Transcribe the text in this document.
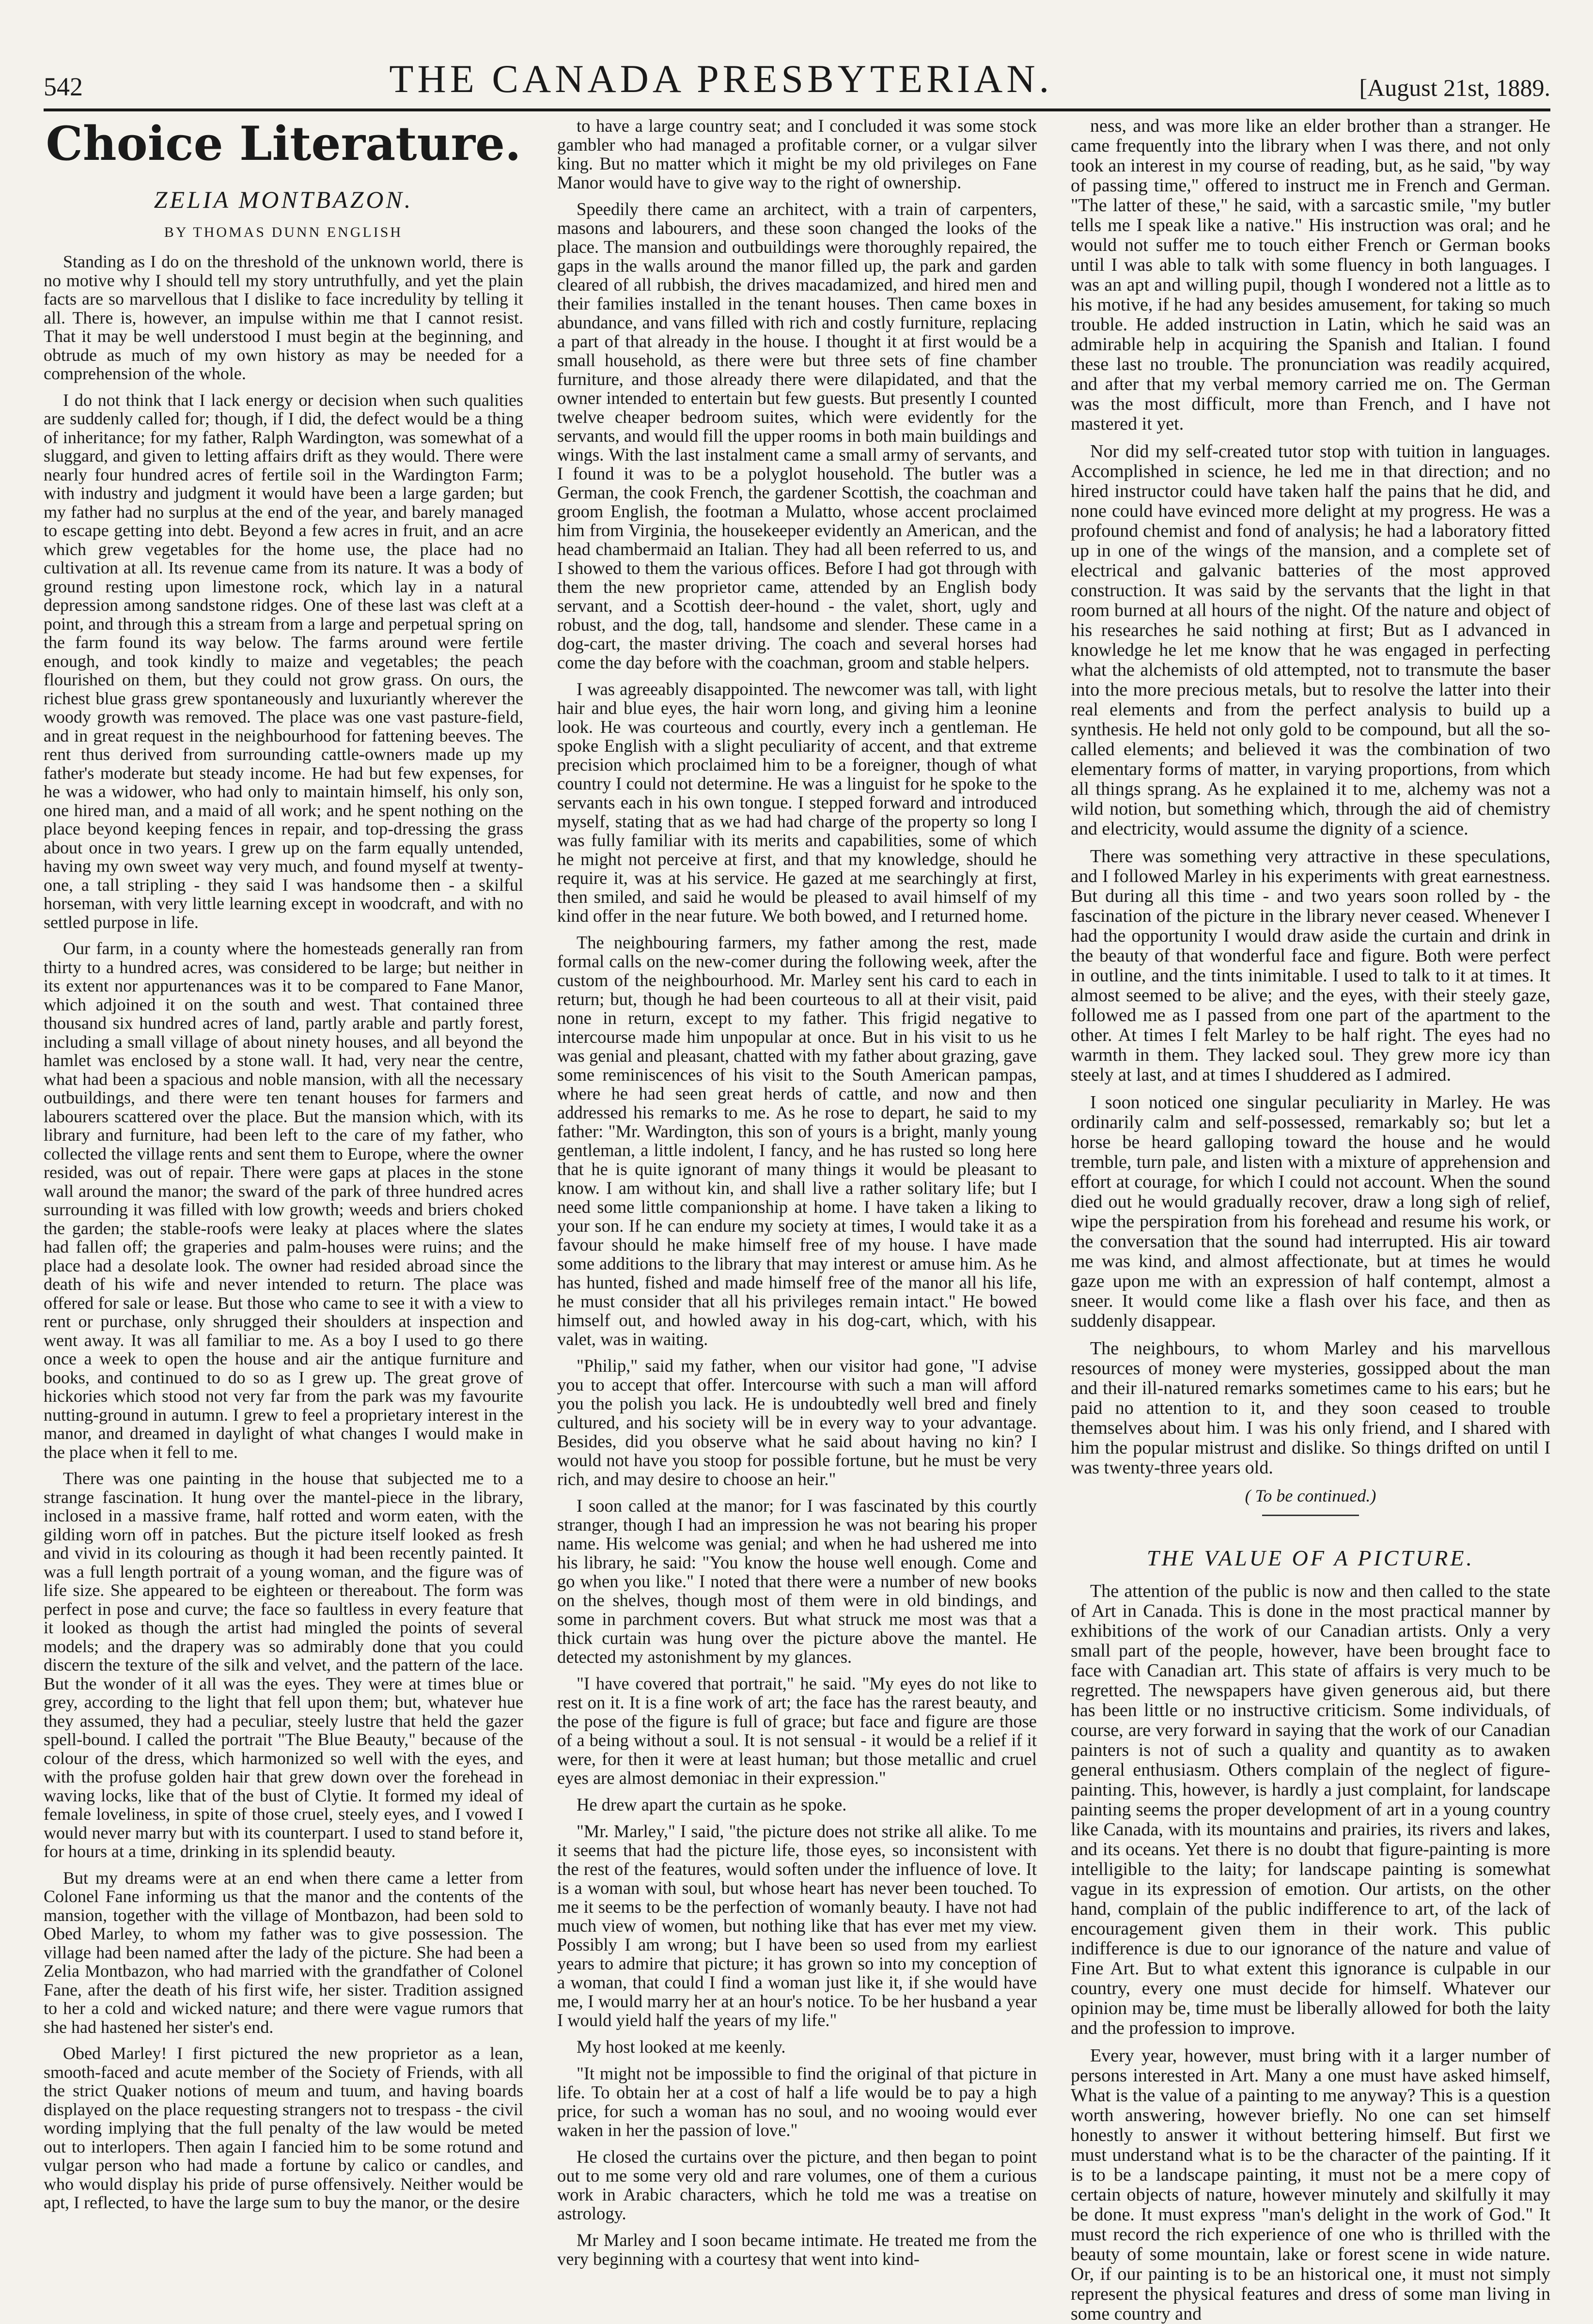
542	THE CANADA PRESBYTERIAN.	[August 21st, 1889.
Choice Literature.
ZELIA MONTBAZON.
BY THOMAS DUNN ENGLISH

Standing as I do on the threshold of the unknown world, there is no motive why I should tell my story untruthfully, and yet the plain facts are so marvellous that I dislike to face incredulity by telling it all. There is, however, an impulse within me that I cannot resist. That it may be well understood I must begin at the beginning, and obtrude as much of my own history as may be needed for a comprehension of the whole.

I do not think that I lack energy or decision when such qualities are suddenly called for; though, if I did, the defect would be a thing of inheritance; for my father, Ralph Wardington, was somewhat of a sluggard, and given to letting affairs drift as they would. There were nearly four hundred acres of fertile soil in the Wardington Farm; with industry and judgment it would have been a large garden; but my father had no surplus at the end of the year, and barely managed to escape getting into debt. Beyond a few acres in fruit, and an acre which grew vegetables for the home use, the place had no cultivation at all. Its revenue came from its nature. It was a body of ground resting upon limestone rock, which lay in a natural depression among sandstone ridges. One of these last was cleft at a point, and through this a stream from a large and perpetual spring on the farm found its way below. The farms around were fertile enough, and took kindly to maize and vegetables; the peach flourished on them, but they could not grow grass. On ours, the richest blue grass grew spontaneously and luxuriantly wherever the woody growth was removed. The place was one vast pasture-field, and in great request in the neighbourhood for fattening beeves. The rent thus derived from surrounding cattle-owners made up my father's moderate but steady income. He had but few expenses, for he was a widower, who had only to maintain himself, his only son, one hired man, and a maid of all work; and he spent nothing on the place beyond keeping fences in repair, and top-dressing the grass about once in two years. I grew up on the farm equally untended, having my own sweet way very much, and found myself at twenty-one, a tall stripling - they said I was handsome then - a skilful horseman, with very little learning except in woodcraft, and with no settled purpose in life.

Our farm, in a county where the homesteads generally ran from thirty to a hundred acres, was considered to be large; but neither in its extent nor appurtenances was it to be compared to Fane Manor, which adjoined it on the south and west. That contained three thousand six hundred acres of land, partly arable and partly forest, including a small village of about ninety houses, and all beyond the hamlet was enclosed by a stone wall. It had, very near the centre, what had been a spacious and noble mansion, with all the necessary outbuildings, and there were ten tenant houses for farmers and labourers scattered over the place. But the mansion which, with its library and furniture, had been left to the care of my father, who collected the village rents and sent them to Europe, where the owner resided, was out of repair. There were gaps at places in the stone wall around the manor; the sward of the park of three hundred acres surrounding it was filled with low growth; weeds and briers choked the garden; the stable-roofs were leaky at places where the slates had fallen off; the graperies and palm-houses were ruins; and the place had a desolate look. The owner had resided abroad since the death of his wife and never intended to return. The place was offered for sale or lease. But those who came to see it with a view to rent or purchase, only shrugged their shoulders at inspection and went away. It was all familiar to me. As a boy I used to go there once a week to open the house and air the antique furniture and books, and continued to do so as I grew up. The great grove of hickories which stood not very far from the park was my favourite nutting-ground in autumn. I grew to feel a proprietary interest in the manor, and dreamed in daylight of what changes I would make in the place when it fell to me.

There was one painting in the house that subjected me to a strange fascination. It hung over the mantel-piece in the library, inclosed in a massive frame, half rotted and worm eaten, with the gilding worn off in patches. But the picture itself looked as fresh and vivid in its colouring as though it had been recently painted. It was a full length portrait of a young woman, and the figure was of life size. She appeared to be eighteen or thereabout. The form was perfect in pose and curve; the face so faultless in every feature that it looked as though the artist had mingled the points of several models; and the drapery was so admirably done that you could discern the texture of the silk and velvet, and the pattern of the lace. But the wonder of it all was the eyes. They were at times blue or grey, according to the light that fell upon them; but, whatever hue they assumed, they had a peculiar, steely lustre that held the gazer spell-bound. I called the portrait "The Blue Beauty," because of the colour of the dress, which harmonized so well with the eyes, and with the profuse golden hair that grew down over the forehead in waving locks, like that of the bust of Clytie. It formed my ideal of female loveliness, in spite of those cruel, steely eyes, and I vowed I would never marry but with its counterpart. I used to stand before it, for hours at a time, drinking in its splendid beauty.

But my dreams were at an end when there came a letter from Colonel Fane informing us that the manor and the contents of the mansion, together with the village of Montbazon, had been sold to Obed Marley, to whom my father was to give possession. The village had been named after the lady of the picture. She had been a Zelia Montbazon, who had married with the grandfather of Colonel Fane, after the death of his first wife, her sister. Tradition assigned to her a cold and wicked nature; and there were vague rumors that she had hastened her sister's end.

Obed Marley! I first pictured the new proprietor as a lean, smooth-faced and acute member of the Society of Friends, with all the strict Quaker notions of meum and tuum, and having boards displayed on the place requesting strangers not to trespass - the civil wording implying that the full penalty of the law would be meted out to interlopers. Then again I fancied him to be some rotund and vulgar person who had made a fortune by calico or candles, and who would display his pride of purse offensively. Neither would be apt, I reflected, to have the large sum to buy the manor, or the desire

to have a large country seat; and I concluded it was some stock gambler who had managed a profitable corner, or a vulgar silver king. But no matter which it might be my old privileges on Fane Manor would have to give way to the right of ownership.

Speedily there came an architect, with a train of carpenters, masons and labourers, and these soon changed the looks of the place. The mansion and outbuildings were thoroughly repaired, the gaps in the walls around the manor filled up, the park and garden cleared of all rubbish, the drives macadamized, and hired men and their families installed in the tenant houses. Then came boxes in abundance, and vans filled with rich and costly furniture, replacing a part of that already in the house. I thought it at first would be a small household, as there were but three sets of fine chamber furniture, and those already there were dilapidated, and that the owner intended to entertain but few guests. But presently I counted twelve cheaper bedroom suites, which were evidently for the servants, and would fill the upper rooms in both main buildings and wings. With the last instalment came a small army of servants, and I found it was to be a polyglot household. The butler was a German, the cook French, the gardener Scottish, the coachman and groom English, the footman a Mulatto, whose accent proclaimed him from Virginia, the housekeeper evidently an American, and the head chambermaid an Italian. They had all been referred to us, and I showed to them the various offices. Before I had got through with them the new proprietor came, attended by an English body servant, and a Scottish deer-hound - the valet, short, ugly and robust, and the dog, tall, handsome and slender. These came in a dog-cart, the master driving. The coach and several horses had come the day before with the coachman, groom and stable helpers.

I was agreeably disappointed. The newcomer was tall, with light hair and blue eyes, the hair worn long, and giving him a leonine look. He was courteous and courtly, every inch a gentleman. He spoke English with a slight peculiarity of accent, and that extreme precision which proclaimed him to be a foreigner, though of what country I could not determine. He was a linguist for he spoke to the servants each in his own tongue. I stepped forward and introduced myself, stating that as we had had charge of the property so long I was fully familiar with its merits and capabilities, some of which he might not perceive at first, and that my knowledge, should he require it, was at his service. He gazed at me searchingly at first, then smiled, and said he would be pleased to avail himself of my kind offer in the near future. We both bowed, and I returned home.

The neighbouring farmers, my father among the rest, made formal calls on the new-comer during the following week, after the custom of the neighbourhood. Mr. Marley sent his card to each in return; but, though he had been courteous to all at their visit, paid none in return, except to my father. This frigid negative to intercourse made him unpopular at once. But in his visit to us he was genial and pleasant, chatted with my father about grazing, gave some reminiscences of his visit to the South American pampas, where he had seen great herds of cattle, and now and then addressed his remarks to me. As he rose to depart, he said to my father: "Mr. Wardington, this son of yours is a bright, manly young gentleman, a little indolent, I fancy, and he has rusted so long here that he is quite ignorant of many things it would be pleasant to know. I am without kin, and shall live a rather solitary life; but I need some little companionship at home. I have taken a liking to your son. If he can endure my society at times, I would take it as a favour should he make himself free of my house. I have made some additions to the library that may interest or amuse him. As he has hunted, fished and made himself free of the manor all his life, he must consider that all his privileges remain intact." He bowed himself out, and howled away in his dog-cart, which, with his valet, was in waiting.

"Philip," said my father, when our visitor had gone, "I advise you to accept that offer. Intercourse with such a man will afford you the polish you lack. He is undoubtedly well bred and finely cultured, and his society will be in every way to your advantage. Besides, did you observe what he said about having no kin? I would not have you stoop for possible fortune, but he must be very rich, and may desire to choose an heir."

I soon called at the manor; for I was fascinated by this courtly stranger, though I had an impression he was not bearing his proper name. His welcome was genial; and when he had ushered me into his library, he said: "You know the house well enough. Come and go when you like." I noted that there were a number of new books on the shelves, though most of them were in old bindings, and some in parchment covers. But what struck me most was that a thick curtain was hung over the picture above the mantel. He detected my astonishment by my glances.

"I have covered that portrait," he said. "My eyes do not like to rest on it. It is a fine work of art; the face has the rarest beauty, and the pose of the figure is full of grace; but face and figure are those of a being without a soul. It is not sensual - it would be a relief if it were, for then it were at least human; but those metallic and cruel eyes are almost demoniac in their expression."

He drew apart the curtain as he spoke.

"Mr. Marley," I said, "the picture does not strike all alike. To me it seems that had the picture life, those eyes, so inconsistent with the rest of the features, would soften under the influence of love. It is a woman with soul, but whose heart has never been touched. To me it seems to be the perfection of womanly beauty. I have not had much view of women, but nothing like that has ever met my view. Possibly I am wrong; but I have been so used from my earliest years to admire that picture; it has grown so into my conception of a woman, that could I find a woman just like it, if she would have me, I would marry her at an hour's notice. To be her husband a year I would yield half the years of my life."

My host looked at me keenly.

"It might not be impossible to find the original of that picture in life. To obtain her at a cost of half a life would be to pay a high price, for such a woman has no soul, and no wooing would ever waken in her the passion of love."

He closed the curtains over the picture, and then began to point out to me some very old and rare volumes, one of them a curious work in Arabic characters, which he told me was a treatise on astrology.

Mr Marley and I soon became intimate. He treated me from the very beginning with a courtesy that went into kind-

ness, and was more like an elder brother than a stranger. He came frequently into the library when I was there, and not only took an interest in my course of reading, but, as he said, "by way of passing time," offered to instruct me in French and German. "The latter of these," he said, with a sarcastic smile, "my butler tells me I speak like a native." His instruction was oral; and he would not suffer me to touch either French or German books until I was able to talk with some fluency in both languages. I was an apt and willing pupil, though I wondered not a little as to his motive, if he had any besides amusement, for taking so much trouble. He added instruction in Latin, which he said was an admirable help in acquiring the Spanish and Italian. I found these last no trouble. The pronunciation was readily acquired, and after that my verbal memory carried me on. The German was the most difficult, more than French, and I have not mastered it yet.

Nor did my self-created tutor stop with tuition in languages. Accomplished in science, he led me in that direction; and no hired instructor could have taken half the pains that he did, and none could have evinced more delight at my progress. He was a profound chemist and fond of analysis; he had a laboratory fitted up in one of the wings of the mansion, and a complete set of electrical and galvanic batteries of the most approved construction. It was said by the servants that the light in that room burned at all hours of the night. Of the nature and object of his researches he said nothing at first; But as I advanced in knowledge he let me know that he was engaged in perfecting what the alchemists of old attempted, not to transmute the baser into the more precious metals, but to resolve the latter into their real elements and from the perfect analysis to build up a synthesis. He held not only gold to be compound, but all the so-called elements; and believed it was the combination of two elementary forms of matter, in varying proportions, from which all things sprang. As he explained it to me, alchemy was not a wild notion, but something which, through the aid of chemistry and electricity, would assume the dignity of a science.

There was something very attractive in these speculations, and I followed Marley in his experiments with great earnestness. But during all this time - and two years soon rolled by - the fascination of the picture in the library never ceased. Whenever I had the opportunity I would draw aside the curtain and drink in the beauty of that wonderful face and figure. Both were perfect in outline, and the tints inimitable. I used to talk to it at times. It almost seemed to be alive; and the eyes, with their steely gaze, followed me as I passed from one part of the apartment to the other. At times I felt Marley to be half right. The eyes had no warmth in them. They lacked soul. They grew more icy than steely at last, and at times I shuddered as I admired.

I soon noticed one singular peculiarity in Marley. He was ordinarily calm and self-possessed, remarkably so; but let a horse be heard galloping toward the house and he would tremble, turn pale, and listen with a mixture of apprehension and effort at courage, for which I could not account. When the sound died out he would gradually recover, draw a long sigh of relief, wipe the perspiration from his forehead and resume his work, or the conversation that the sound had interrupted. His air toward me was kind, and almost affectionate, but at times he would gaze upon me with an expression of half contempt, almost a sneer. It would come like a flash over his face, and then as suddenly disappear.

The neighbours, to whom Marley and his marvellous resources of money were mysteries, gossipped about the man and their ill-natured remarks sometimes came to his ears; but he paid no attention to it, and they soon ceased to trouble themselves about him. I was his only friend, and I shared with him the popular mistrust and dislike. So things drifted on until I was twenty-three years old.

( To be continued.)
THE VALUE OF A PICTURE.

The attention of the public is now and then called to the state of Art in Canada. This is done in the most practical manner by exhibitions of the work of our Canadian artists. Only a very small part of the people, however, have been brought face to face with Canadian art. This state of affairs is very much to be regretted. The newspapers have given generous aid, but there has been little or no instructive criticism. Some individuals, of course, are very forward in saying that the work of our Canadian painters is not of such a quality and quantity as to awaken general enthusiasm. Others complain of the neglect of figure-painting. This, however, is hardly a just complaint, for landscape painting seems the proper development of art in a young country like Canada, with its mountains and prairies, its rivers and lakes, and its oceans. Yet there is no doubt that figure-painting is more intelligible to the laity; for landscape painting is somewhat vague in its expression of emotion. Our artists, on the other hand, complain of the public indifference to art, of the lack of encouragement given them in their work. This public indifference is due to our ignorance of the nature and value of Fine Art. But to what extent this ignorance is culpable in our country, every one must decide for himself. Whatever our opinion may be, time must be liberally allowed for both the laity and the profession to improve.

Every year, however, must bring with it a larger number of persons interested in Art. Many a one must have asked himself, What is the value of a painting to me anyway? This is a question worth answering, however briefly. No one can set himself honestly to answer it without bettering himself. But first we must understand what is to be the character of the painting. If it is to be a landscape painting, it must not be a mere copy of certain objects of nature, however minutely and skilfully it may be done. It must express "man's delight in the work of God." It must record the rich experience of one who is thrilled with the beauty of some mountain, lake or forest scene in wide nature. Or, if our painting is to be an historical one, it must not simply represent the physical features and dress of some man living in some country and
